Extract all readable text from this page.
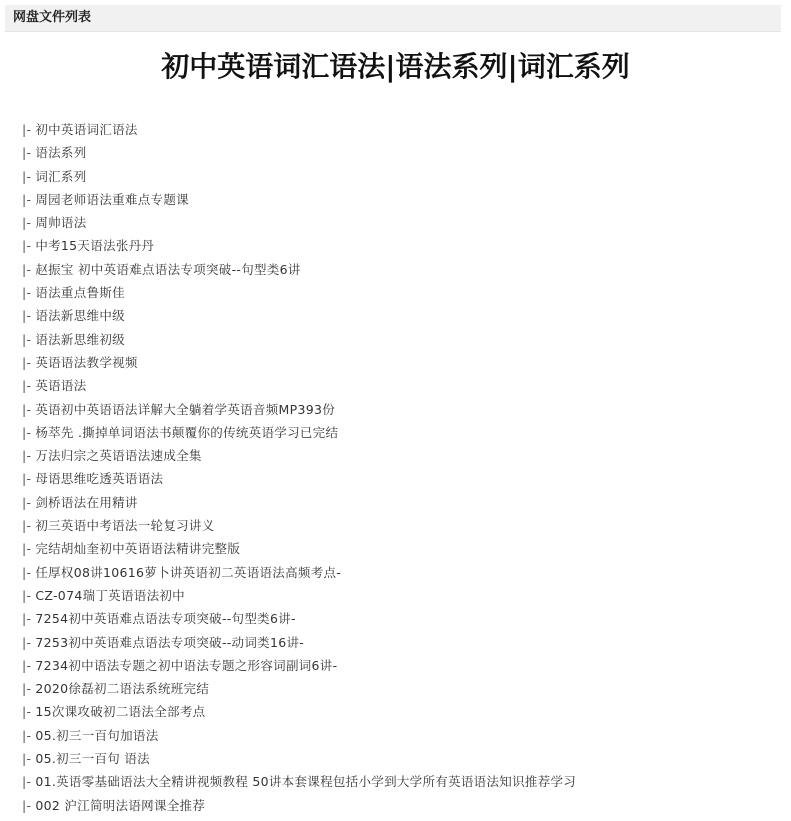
网盘文件列表
初中英语词汇语法|语法系列|词汇系列
|- 初中英语词汇语法
|- 语法系列
|- 词汇系列
|- 周园老师语法重难点专题课
|- 周帅语法
|- 中考15天语法张丹丹
|- 赵振宝 初中英语难点语法专项突破--句型类6讲
|- 语法重点鲁斯佳
|- 语法新思维中级
|- 语法新思维初级
|- 英语语法教学视频
|- 英语语法
|- 英语初中英语语法详解大全躺着学英语音频MP393份
|- 杨萃先 .撕掉单词语法书颠覆你的传统英语学习已完结
|- 万法归宗之英语语法速成全集
|- 母语思维吃透英语语法
|- 剑桥语法在用精讲
|- 初三英语中考语法一轮复习讲义
|- 完结胡灿奎初中英语语法精讲完整版
|- 任厚权08讲10616萝卜讲英语初二英语语法高频考点-
|- CZ-074瑞丁英语语法初中
|- 7254初中英语难点语法专项突破--句型类6讲-
|- 7253初中英语难点语法专项突破--动词类16讲-
|- 7234初中语法专题之初中语法专题之形容词副词6讲-
|- 2020徐磊初二语法系统班完结
|- 15次课攻破初二语法全部考点
|- 05.初三一百句加语法
|- 05.初三一百句 语法
|- 01.英语零基础语法大全精讲视频教程 50讲本套课程包括小学到大学所有英语语法知识推荐学习
|- 002 沪江简明法语网课全推荐
